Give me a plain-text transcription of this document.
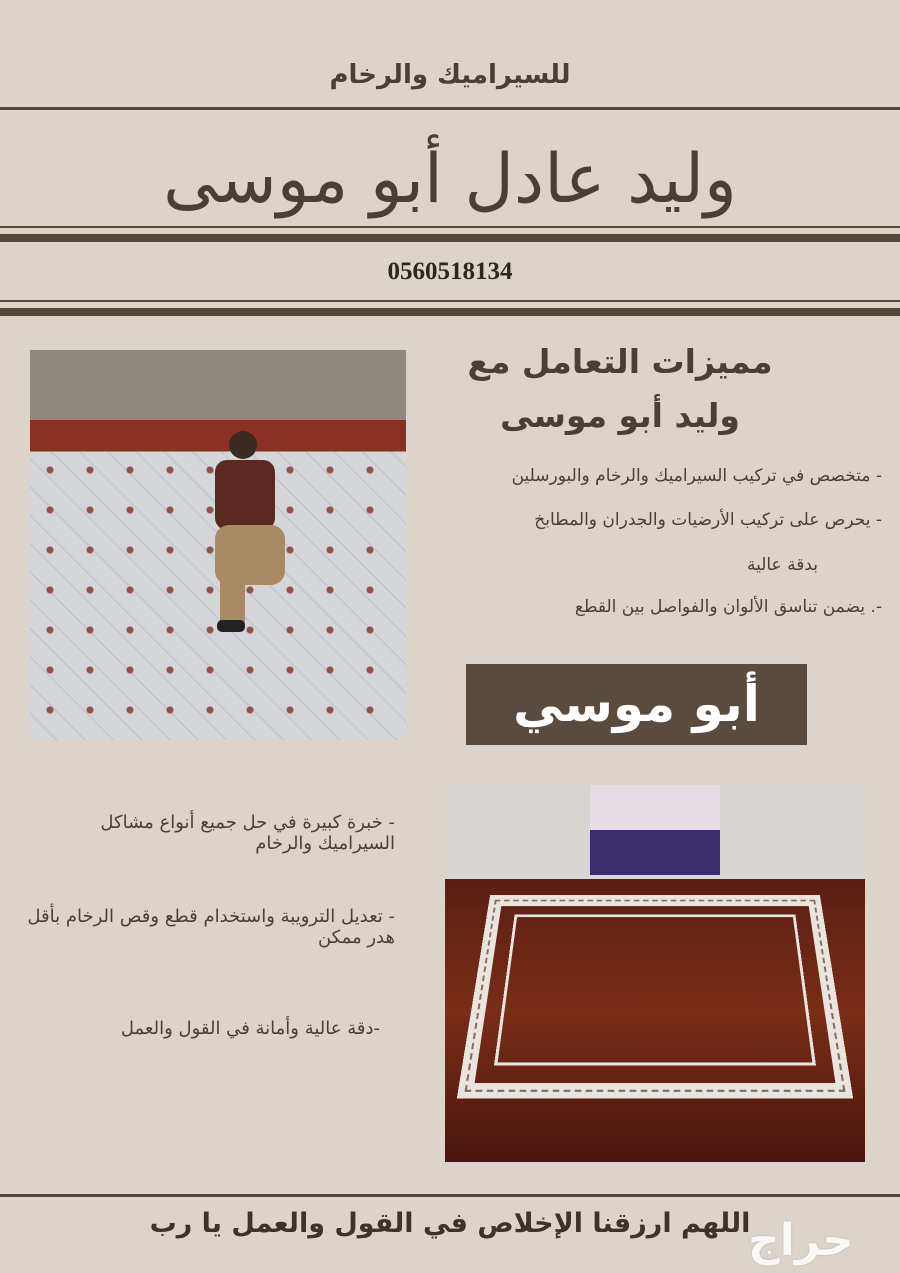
للسيراميك والرخام
وليد عادل أبو موسى
0560518134
مميزات التعامل مع
وليد أبو موسى
- متخصص في تركيب السيراميك والرخام والبورسلين
- يحرص على تركيب الأرضيات والجدران والمطابخ
بدقة عالية
-. يضمن تناسق الألوان والفواصل بين القطع
أبو موسي
- خبرة كبيرة في حل جميع أنواع مشاكل السيراميك والرخام
- تعديل الترويبة واستخدام قطع وقص الرخام بأقل هدر ممكن
-دقة عالية وأمانة في القول والعمل
اللهم ارزقنا الإخلاص في القول والعمل يا رب
ﺣﺮاج
